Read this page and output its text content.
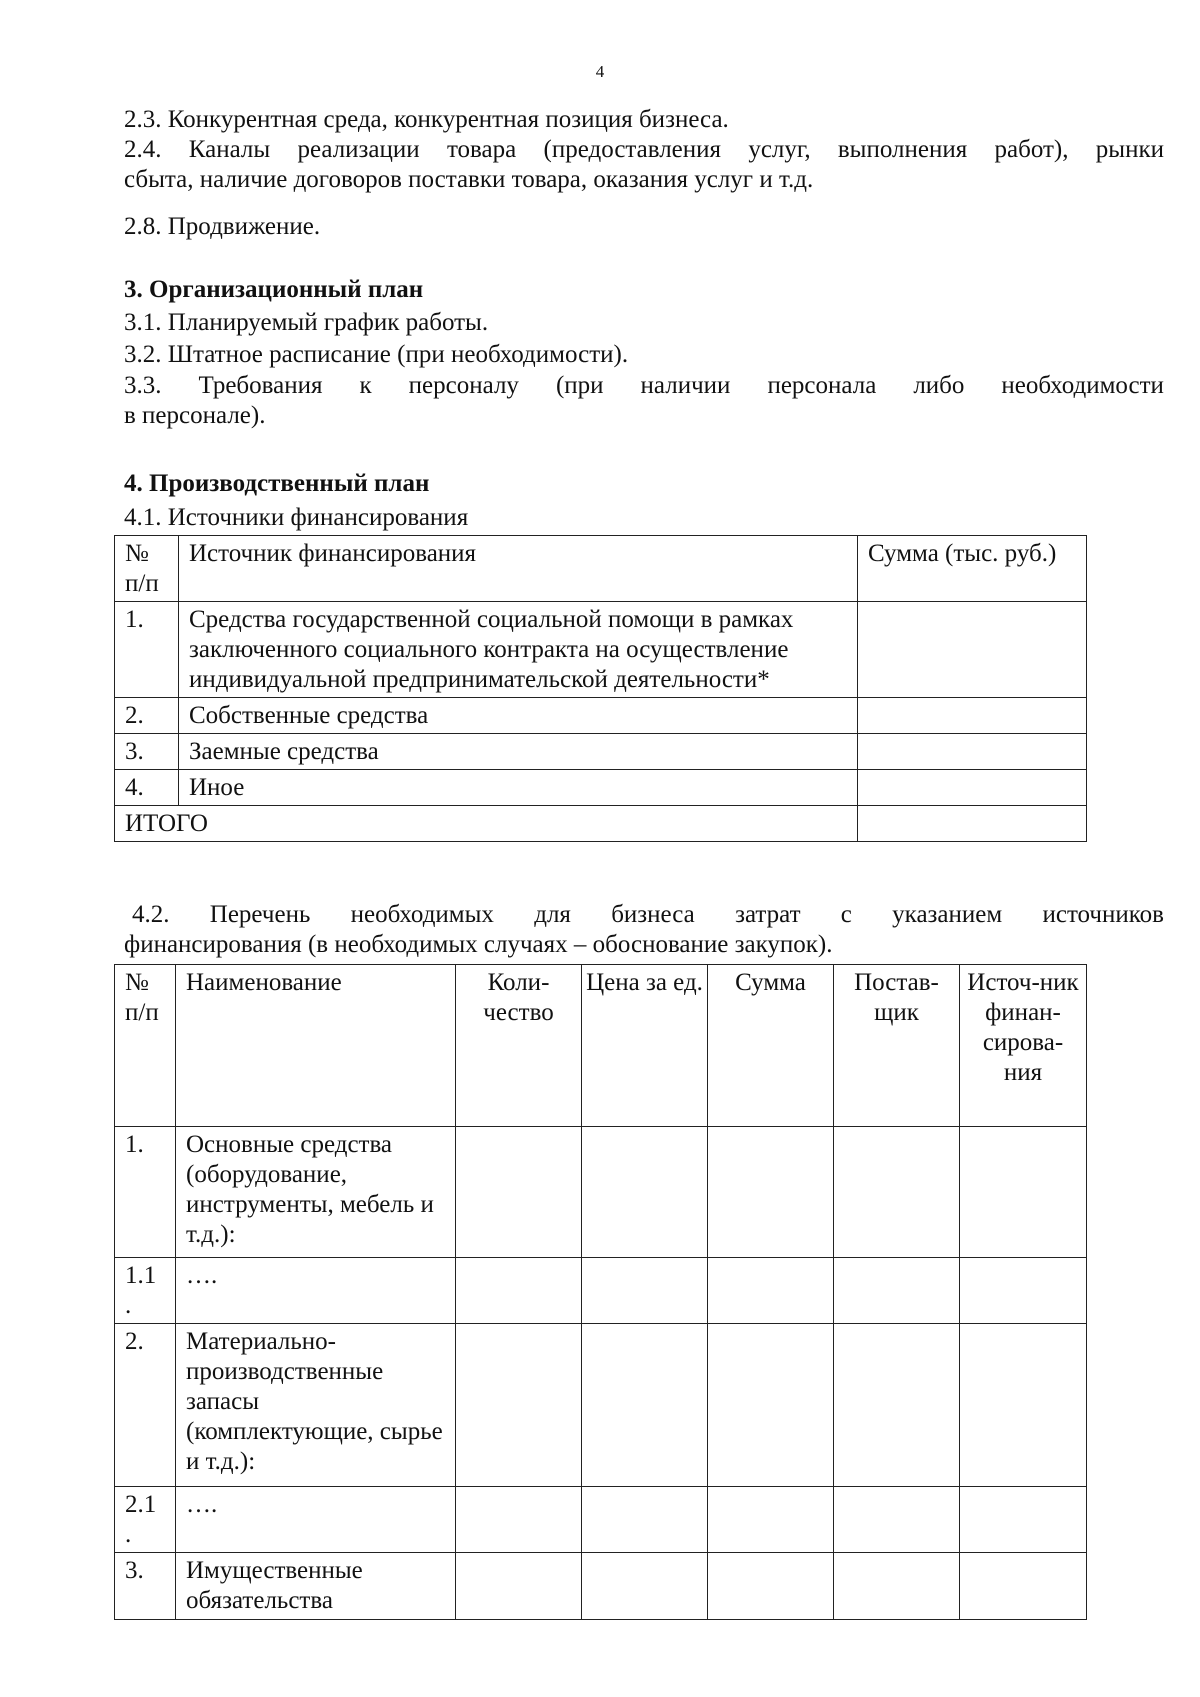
4
2.3. Конкурентная среда, конкурентная позиция бизнеса.
2.4. Каналы реализации товара (предоставления услуг, выполнения работ), рынки
сбыта, наличие договоров поставки товара, оказания услуг и т.д.
2.8. Продвижение.
3. Организационный план
3.1. Планируемый график работы.
3.2. Штатное расписание (при необходимости).
3.3. Требования к персоналу (при наличии персонала либо необходимости
в персонале).
4. Производственный план
4.1. Источники финансирования
№ п/п	Источник финансирования	Сумма (тыс. руб.)
1.	Средства государственной социальной помощи в рамках заключенного социального контракта на осуществление индивидуальной предпринимательской деятельности*	
2.	Собственные средства	
3.	Заемные средства	
4.	Иное	
ИТОГО		
4.2. Перечень необходимых для бизнеса затрат с указанием источников
финансирования (в необходимых случаях – обоснование закупок).
№ п/п	Наименование	Коли-чество	Цена за ед.	Сумма	Постав-щик	Источ-ник финан-сирова-ния
1.	Основные средства (оборудование, инструменты, мебель и т.д.):					
1.1 .	….					
2.	Материально-производственные запасы (комплектующие, сырье и т.д.):					
2.1 .	….					
3.	Имущественные обязательства					
